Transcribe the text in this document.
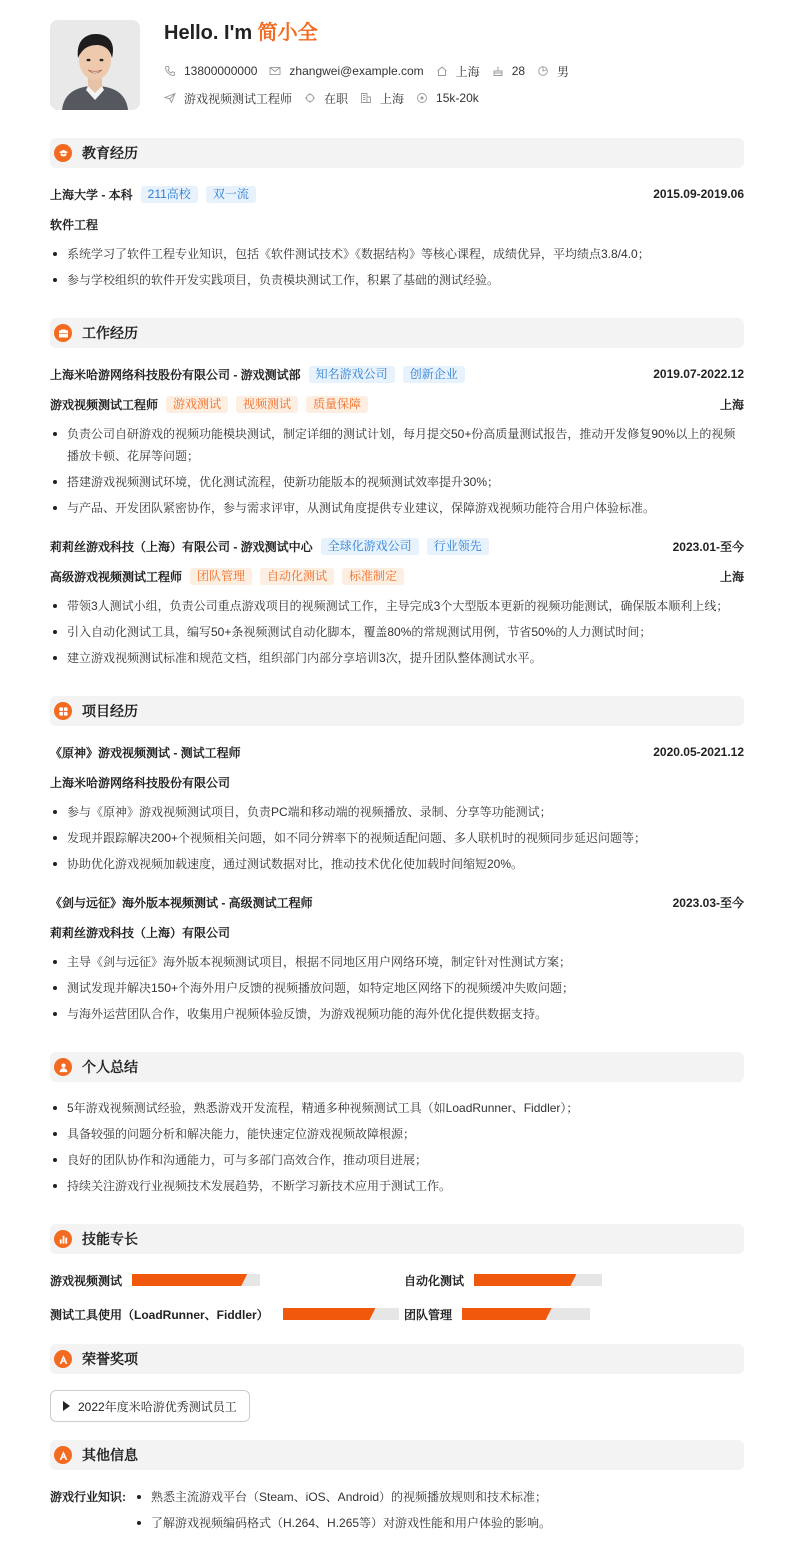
Hello. I'm 简小全
13800000000	zhangwei@example.com	上海	28	男
游戏视频测试工程师	在职	上海	15k-20k
教育经历
上海大学 - 本科	211高校	双一流	2015.09-2019.06
软件工程
系统学习了软件工程专业知识，包括《软件测试技术》《数据结构》等核心课程，成绩优异，平均绩点3.8/4.0；
参与学校组织的软件开发实践项目，负责模块测试工作，积累了基础的测试经验。
工作经历
上海米哈游网络科技股份有限公司 - 游戏测试部	知名游戏公司	创新企业	2019.07-2022.12
游戏视频测试工程师	游戏测试	视频测试	质量保障	上海
负责公司自研游戏的视频功能模块测试，制定详细的测试计划，每月提交50+份高质量测试报告，推动开发修复90%以上的视频播放卡顿、花屏等问题；
搭建游戏视频测试环境，优化测试流程，使新功能版本的视频测试效率提升30%；
与产品、开发团队紧密协作，参与需求评审，从测试角度提供专业建议，保障游戏视频功能符合用户体验标准。
莉莉丝游戏科技（上海）有限公司 - 游戏测试中心	全球化游戏公司	行业领先	2023.01-至今
高级游戏视频测试工程师	团队管理	自动化测试	标准制定	上海
带领3人测试小组，负责公司重点游戏项目的视频测试工作，主导完成3个大型版本更新的视频功能测试，确保版本顺利上线；
引入自动化测试工具，编写50+条视频测试自动化脚本，覆盖80%的常规测试用例，节省50%的人力测试时间；
建立游戏视频测试标准和规范文档，组织部门内部分享培训3次，提升团队整体测试水平。
项目经历
《原神》游戏视频测试 - 测试工程师	2020.05-2021.12
上海米哈游网络科技股份有限公司
参与《原神》游戏视频测试项目，负责PC端和移动端的视频播放、录制、分享等功能测试；
发现并跟踪解决200+个视频相关问题，如不同分辨率下的视频适配问题、多人联机时的视频同步延迟问题等；
协助优化游戏视频加载速度，通过测试数据对比，推动技术优化使加载时间缩短20%。
《剑与远征》海外版本视频测试 - 高级测试工程师	2023.03-至今
莉莉丝游戏科技（上海）有限公司
主导《剑与远征》海外版本视频测试项目，根据不同地区用户网络环境，制定针对性测试方案；
测试发现并解决150+个海外用户反馈的视频播放问题，如特定地区网络下的视频缓冲失败问题；
与海外运营团队合作，收集用户视频体验反馈，为游戏视频功能的海外优化提供数据支持。
个人总结
5年游戏视频测试经验，熟悉游戏开发流程，精通多种视频测试工具（如LoadRunner、Fiddler）；
具备较强的问题分析和解决能力，能快速定位游戏视频故障根源；
良好的团队协作和沟通能力，可与多部门高效合作，推动项目进展；
持续关注游戏行业视频技术发展趋势，不断学习新技术应用于测试工作。
技能专长
游戏视频测试	自动化测试
测试工具使用（LoadRunner、Fiddler）	团队管理
荣誉奖项
2022年度米哈游优秀测试员工
其他信息
游戏行业知识:	熟悉主流游戏平台（Steam、iOS、Android）的视频播放规则和技术标准；
了解游戏视频编码格式（H.264、H.265等）对游戏性能和用户体验的影响。
